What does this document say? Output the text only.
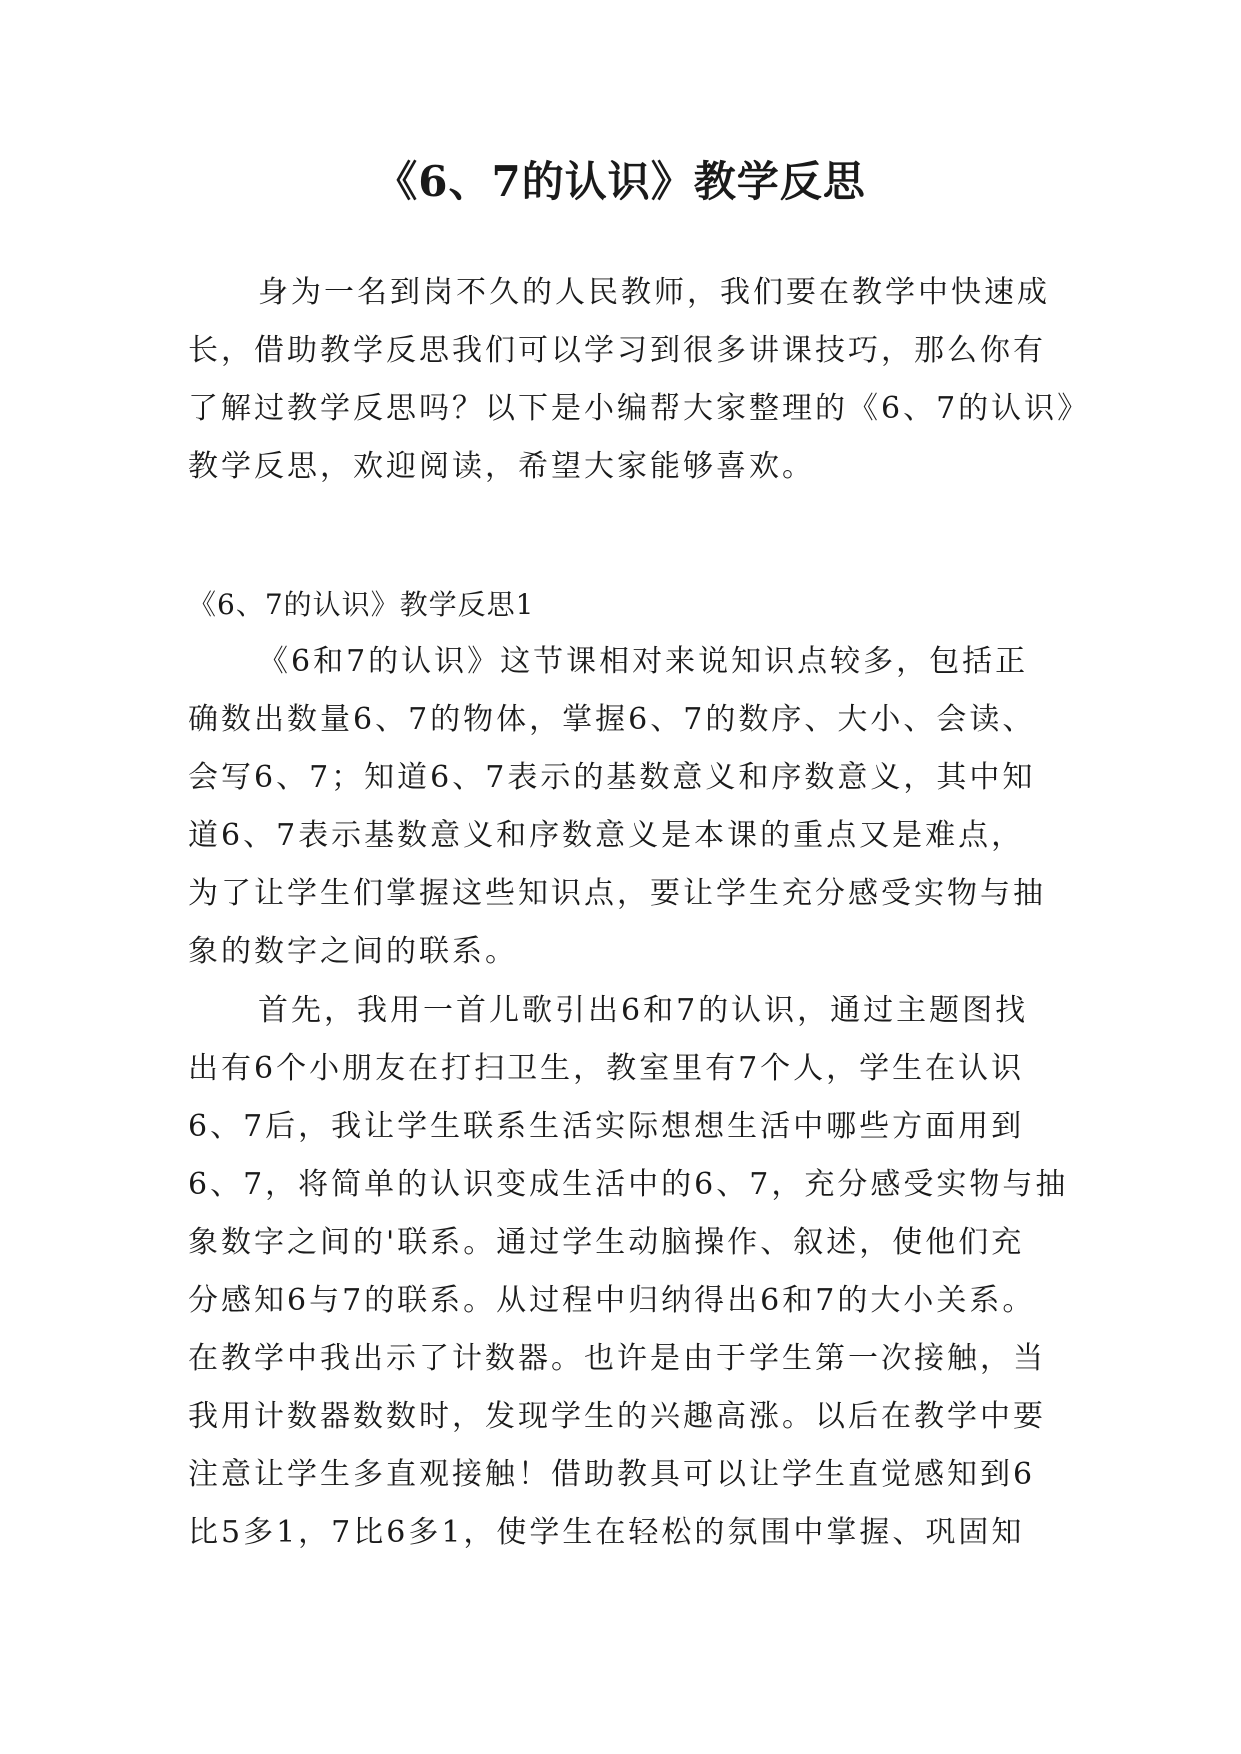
《6、7的认识》教学反思
身为一名到岗不久的人民教师，我们要在教学中快速成
长，借助教学反思我们可以学习到很多讲课技巧，那么你有
了解过教学反思吗？以下是小编帮大家整理的《6、7的认识》
教学反思，欢迎阅读，希望大家能够喜欢。
《6、7的认识》教学反思1
《6和7的认识》这节课相对来说知识点较多，包括正
确数出数量6、7的物体，掌握6、7的数序、大小、会读、
会写6、7；知道6、7表示的基数意义和序数意义，其中知
道6、7表示基数意义和序数意义是本课的重点又是难点，
为了让学生们掌握这些知识点，要让学生充分感受实物与抽
象的数字之间的联系。
首先，我用一首儿歌引出6和7的认识，通过主题图找
出有6个小朋友在打扫卫生，教室里有7个人，学生在认识
6、7后，我让学生联系生活实际想想生活中哪些方面用到
6、7，将简单的认识变成生活中的6、7，充分感受实物与抽
象数字之间的'联系。通过学生动脑操作、叙述，使他们充
分感知6与7的联系。从过程中归纳得出6和7的大小关系。
在教学中我出示了计数器。也许是由于学生第一次接触，当
我用计数器数数时，发现学生的兴趣高涨。以后在教学中要
注意让学生多直观接触！借助教具可以让学生直觉感知到6
比5多1，7比6多1，使学生在轻松的氛围中掌握、巩固知
